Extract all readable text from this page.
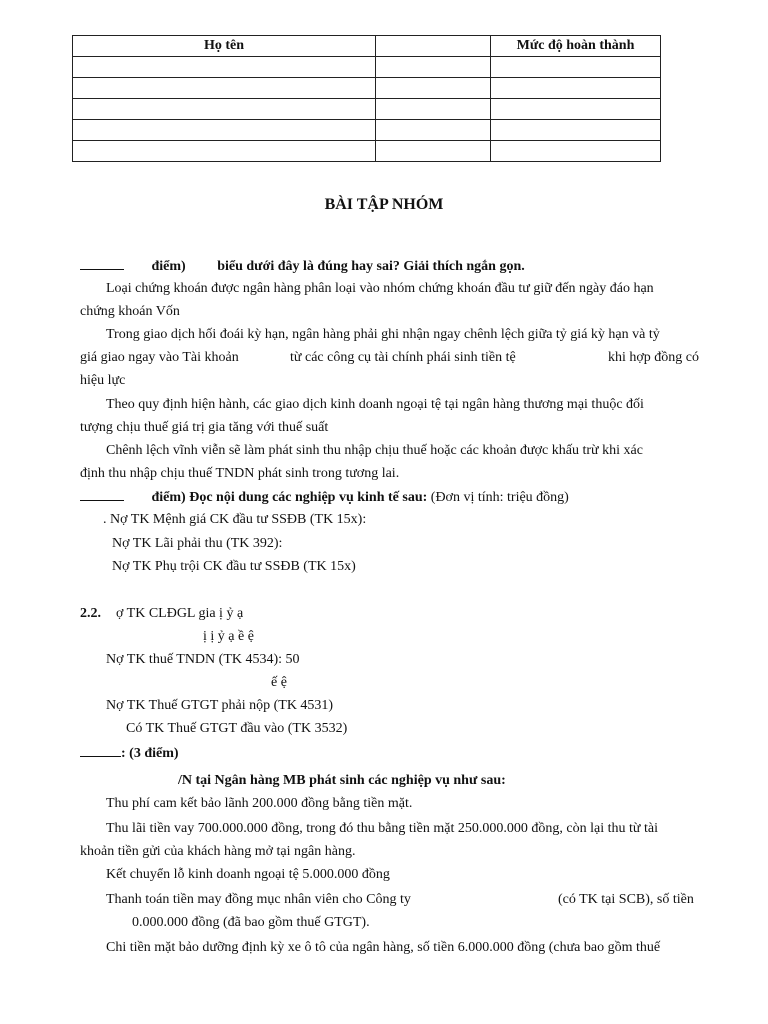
Họ tên		Mức độ hoàn thành

BÀI TẬP NHÓM
điểm) biểu dưới đây là đúng hay sai? Giải thích ngắn gọn.
Loại chứng khoán được ngân hàng phân loại vào nhóm chứng khoán đầu tư giữ đến ngày đáo hạn
chứng khoán Vốn
Trong giao dịch hối đoái kỳ hạn, ngân hàng phải ghi nhận ngay chênh lệch giữa tỷ giá kỳ hạn và tỷ
giá giao ngay vào Tài khoản	từ các công cụ tài chính phái sinh tiền tệ	khi hợp đồng có
hiệu lực
Theo quy định hiện hành, các giao dịch kinh doanh ngoại tệ tại ngân hàng thương mại thuộc đối
tượng chịu thuế giá trị gia tăng với thuế suất
Chênh lệch vĩnh viễn sẽ làm phát sinh thu nhập chịu thuế hoặc các khoản được khấu trừ khi xác
định thu nhập chịu thuế TNDN phát sinh trong tương lai.
điểm) Đọc nội dung các nghiệp vụ kinh tế sau: (Đơn vị tính: triệu đồng)
. Nợ TK Mệnh giá CK đầu tư SSĐB (TK 15x):
Nợ TK Lãi phải thu (TK 392):
Nợ TK Phụ trội CK đầu tư SSĐB (TK 15x)
2.2. ợ TK CLĐGL gia ị ỷ ạ
ị ị ỷ ạ ề ệ
Nợ TK thuế TNDN (TK 4534): 50
ế ệ
Nợ TK Thuế GTGT phải nộp (TK 4531)
Có TK Thuế GTGT đầu vào (TK 3532)
: (3 điểm)
/N tại Ngân hàng MB phát sinh các nghiệp vụ như sau:
Thu phí cam kết bảo lãnh 200.000 đồng bằng tiền mặt.
Thu lãi tiền vay 700.000.000 đồng, trong đó thu bằng tiền mặt 250.000.000 đồng, còn lại thu từ tài
khoản tiền gửi của khách hàng mở tại ngân hàng.
Kết chuyển lỗ kinh doanh ngoại tệ 5.000.000 đồng
Thanh toán tiền may đồng mục nhân viên cho Công ty	(có TK tại SCB), số tiền
0.000.000 đồng (đã bao gồm thuế GTGT).
Chi tiền mặt bảo dưỡng định kỳ xe ô tô của ngân hàng, số tiền 6.000.000 đồng (chưa bao gồm thuế
